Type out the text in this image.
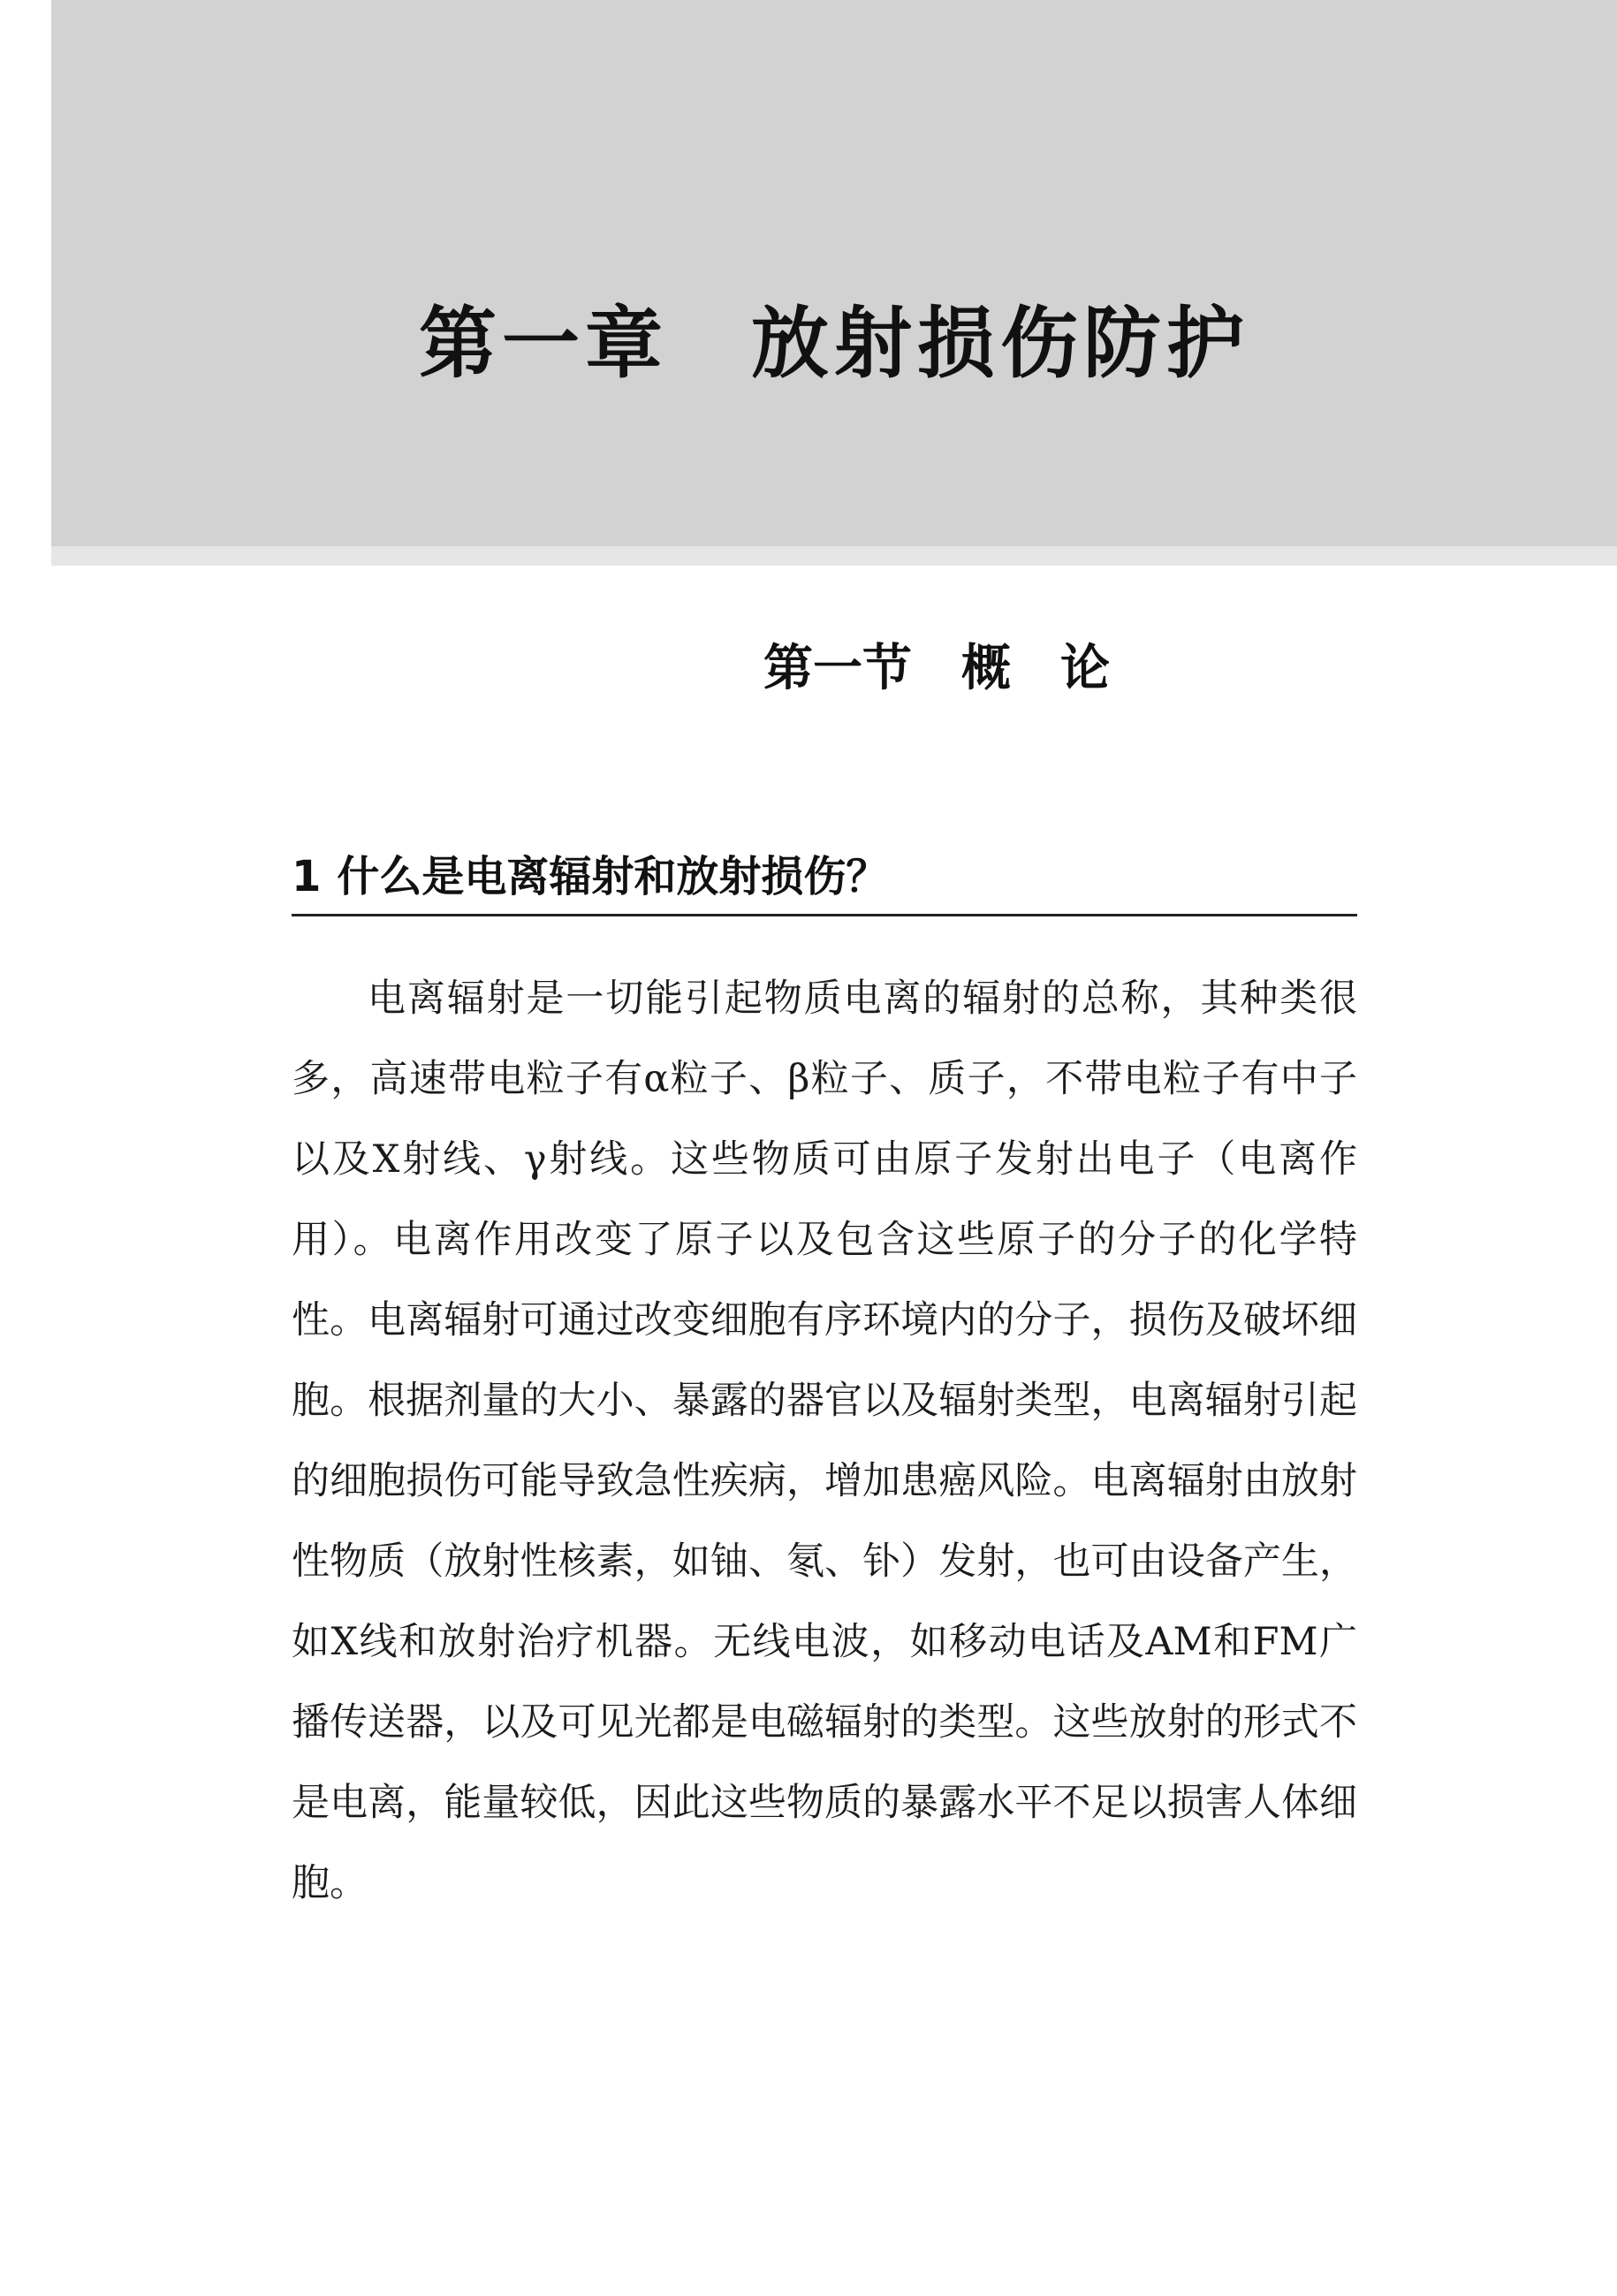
第一章　放射损伤防护
第一节　概　论
1 什么是电离辐射和放射损伤？

电离辐射是一切能引起物质电离的辐射的总称，其种类很多，高速带电粒子有α粒子、β粒子、质子，不带电粒子有中子以及X射线、γ射线。这些物质可由原子发射出电子（电离作用）。电离作用改变了原子以及包含这些原子的分子的化学特性。电离辐射可通过改变细胞有序环境内的分子，损伤及破坏细胞。根据剂量的大小、暴露的器官以及辐射类型，电离辐射引起的细胞损伤可能导致急性疾病，增加患癌风险。电离辐射由放射性物质（放射性核素，如铀、氡、钋）发射，也可由设备产生，如X线和放射治疗机器。无线电波，如移动电话及AM和FM广播传送器，以及可见光都是电磁辐射的类型。这些放射的形式不是电离，能量较低，因此这些物质的暴露水平不足以损害人体细胞。
